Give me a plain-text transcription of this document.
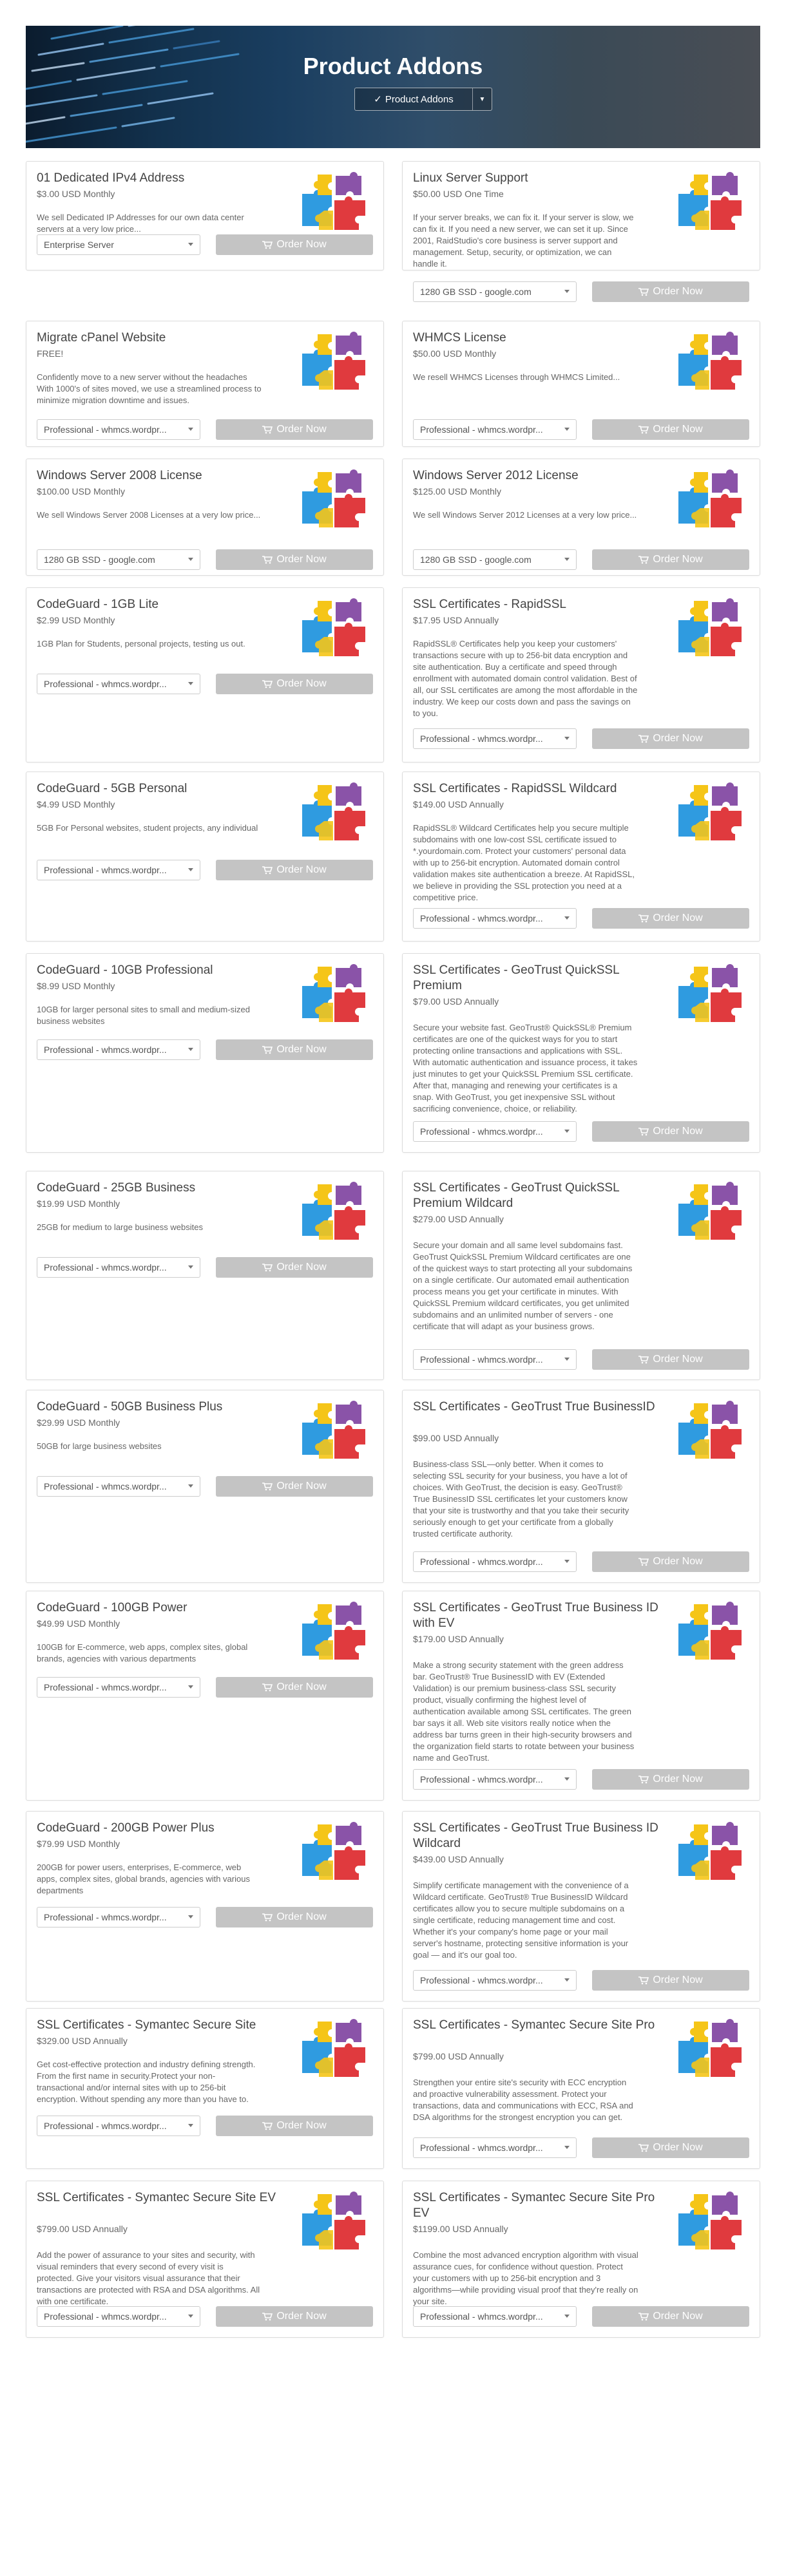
Product Addons
✓ Product Addons	▼
01 Dedicated IPv4 Address
$3.00 USD Monthly
We sell Dedicated IP Addresses for our own data center servers at a very low price...
Enterprise Server	Order Now
Linux Server Support
$50.00 USD One Time
If your server breaks, we can fix it. If your server is slow, we can fix it. If you need a new server, we can set it up. Since 2001, RaidStudio's core business is server support and management. Setup, security, or optimization, we can handle it.
1280 GB SSD - google.com	Order Now
Migrate cPanel Website
FREE!
Confidently move to a new server without the headaches With 1000's of sites moved, we use a streamlined process to minimize migration downtime and issues.
Professional - whmcs.wordpr...	Order Now
WHMCS License
$50.00 USD Monthly
We resell WHMCS Licenses through WHMCS Limited...
Professional - whmcs.wordpr...	Order Now
Windows Server 2008 License
$100.00 USD Monthly
We sell Windows Server 2008 Licenses at a very low price...
1280 GB SSD - google.com	Order Now
Windows Server 2012 License
$125.00 USD Monthly
We sell Windows Server 2012 Licenses at a very low price...
1280 GB SSD - google.com	Order Now
CodeGuard - 1GB Lite
$2.99 USD Monthly
1GB Plan for Students, personal projects, testing us out.
Professional - whmcs.wordpr...	Order Now
SSL Certificates - RapidSSL
$17.95 USD Annually
RapidSSL® Certificates help you keep your customers' transactions secure with up to 256-bit data encryption and site authentication. Buy a certificate and speed through enrollment with automated domain control validation. Best of all, our SSL certificates are among the most affordable in the industry. We keep our costs down and pass the savings on to you.
Professional - whmcs.wordpr...	Order Now
CodeGuard - 5GB Personal
$4.99 USD Monthly
5GB For Personal websites, student projects, any individual
Professional - whmcs.wordpr...	Order Now
SSL Certificates - RapidSSL Wildcard
$149.00 USD Annually
RapidSSL® Wildcard Certificates help you secure multiple subdomains with one low-cost SSL certificate issued to *.yourdomain.com. Protect your customers' personal data with up to 256-bit encryption. Automated domain control validation makes site authentication a breeze. At RapidSSL, we believe in providing the SSL protection you need at a competitive price.
Professional - whmcs.wordpr...	Order Now
CodeGuard - 10GB Professional
$8.99 USD Monthly
10GB for larger personal sites to small and medium-sized business websites
Professional - whmcs.wordpr...	Order Now
SSL Certificates - GeoTrust QuickSSL Premium
$79.00 USD Annually
Secure your website fast. GeoTrust® QuickSSL® Premium certificates are one of the quickest ways for you to start protecting online transactions and applications with SSL. With automatic authentication and issuance process, it takes just minutes to get your QuickSSL Premium SSL certificate. After that, managing and renewing your certificates is a snap. With GeoTrust, you get inexpensive SSL without sacrificing convenience, choice, or reliability.
Professional - whmcs.wordpr...	Order Now
CodeGuard - 25GB Business
$19.99 USD Monthly
25GB for medium to large business websites
Professional - whmcs.wordpr...	Order Now
SSL Certificates - GeoTrust QuickSSL Premium Wildcard
$279.00 USD Annually
Secure your domain and all same level subdomains fast. GeoTrust QuickSSL Premium Wildcard certificates are one of the quickest ways to start protecting all your subdomains on a single certificate. Our automated email authentication process means you get your certificate in minutes. With QuickSSL Premium wildcard certificates, you get unlimited subdomains and an unlimited number of servers - one certificate that will adapt as your business grows.
Professional - whmcs.wordpr...	Order Now
CodeGuard - 50GB Business Plus
$29.99 USD Monthly
50GB for large business websites
Professional - whmcs.wordpr...	Order Now
SSL Certificates - GeoTrust True BusinessID
$99.00 USD Annually
Business-class SSL—only better. When it comes to selecting SSL security for your business, you have a lot of choices. With GeoTrust, the decision is easy. GeoTrust® True BusinessID SSL certificates let your customers know that your site is trustworthy and that you take their security seriously enough to get your certificate from a globally trusted certificate authority.
Professional - whmcs.wordpr...	Order Now
CodeGuard - 100GB Power
$49.99 USD Monthly
100GB for E-commerce, web apps, complex sites, global brands, agencies with various departments
Professional - whmcs.wordpr...	Order Now
SSL Certificates - GeoTrust True Business ID with EV
$179.00 USD Annually
Make a strong security statement with the green address bar. GeoTrust® True BusinessID with EV (Extended Validation) is our premium business-class SSL security product, visually confirming the highest level of authentication available among SSL certificates. The green bar says it all. Web site visitors really notice when the address bar turns green in their high-security browsers and the organization field starts to rotate between your business name and GeoTrust.
Professional - whmcs.wordpr...	Order Now
CodeGuard - 200GB Power Plus
$79.99 USD Monthly
200GB for power users, enterprises, E-commerce, web apps, complex sites, global brands, agencies with various departments
Professional - whmcs.wordpr...	Order Now
SSL Certificates - GeoTrust True Business ID Wildcard
$439.00 USD Annually
Simplify certificate management with the convenience of a Wildcard certificate. GeoTrust® True BusinessID Wildcard certificates allow you to secure multiple subdomains on a single certificate, reducing management time and cost. Whether it's your company's home page or your mail server's hostname, protecting sensitive information is your goal — and it's our goal too.
Professional - whmcs.wordpr...	Order Now
SSL Certificates - Symantec Secure Site
$329.00 USD Annually
Get cost-effective protection and industry defining strength. From the first name in security.Protect your non-transactional and/or internal sites with up to 256-bit encryption. Without spending any more than you have to.
Professional - whmcs.wordpr...	Order Now
SSL Certificates - Symantec Secure Site Pro
$799.00 USD Annually
Strengthen your entire site's security with ECC encryption and proactive vulnerability assessment. Protect your transactions, data and communications with ECC, RSA and DSA algorithms for the strongest encryption you can get.
Professional - whmcs.wordpr...	Order Now
SSL Certificates - Symantec Secure Site EV
$799.00 USD Annually
Add the power of assurance to your sites and security, with visual reminders that every second of every visit is protected. Give your visitors visual assurance that their transactions are protected with RSA and DSA algorithms. All with one certificate.
Professional - whmcs.wordpr...	Order Now
SSL Certificates - Symantec Secure Site Pro EV
$1199.00 USD Annually
Combine the most advanced encryption algorithm with visual assurance cues, for confidence without question. Protect your customers with up to 256-bit encryption and 3 algorithms—while providing visual proof that they're really on your site.
Professional - whmcs.wordpr...	Order Now
